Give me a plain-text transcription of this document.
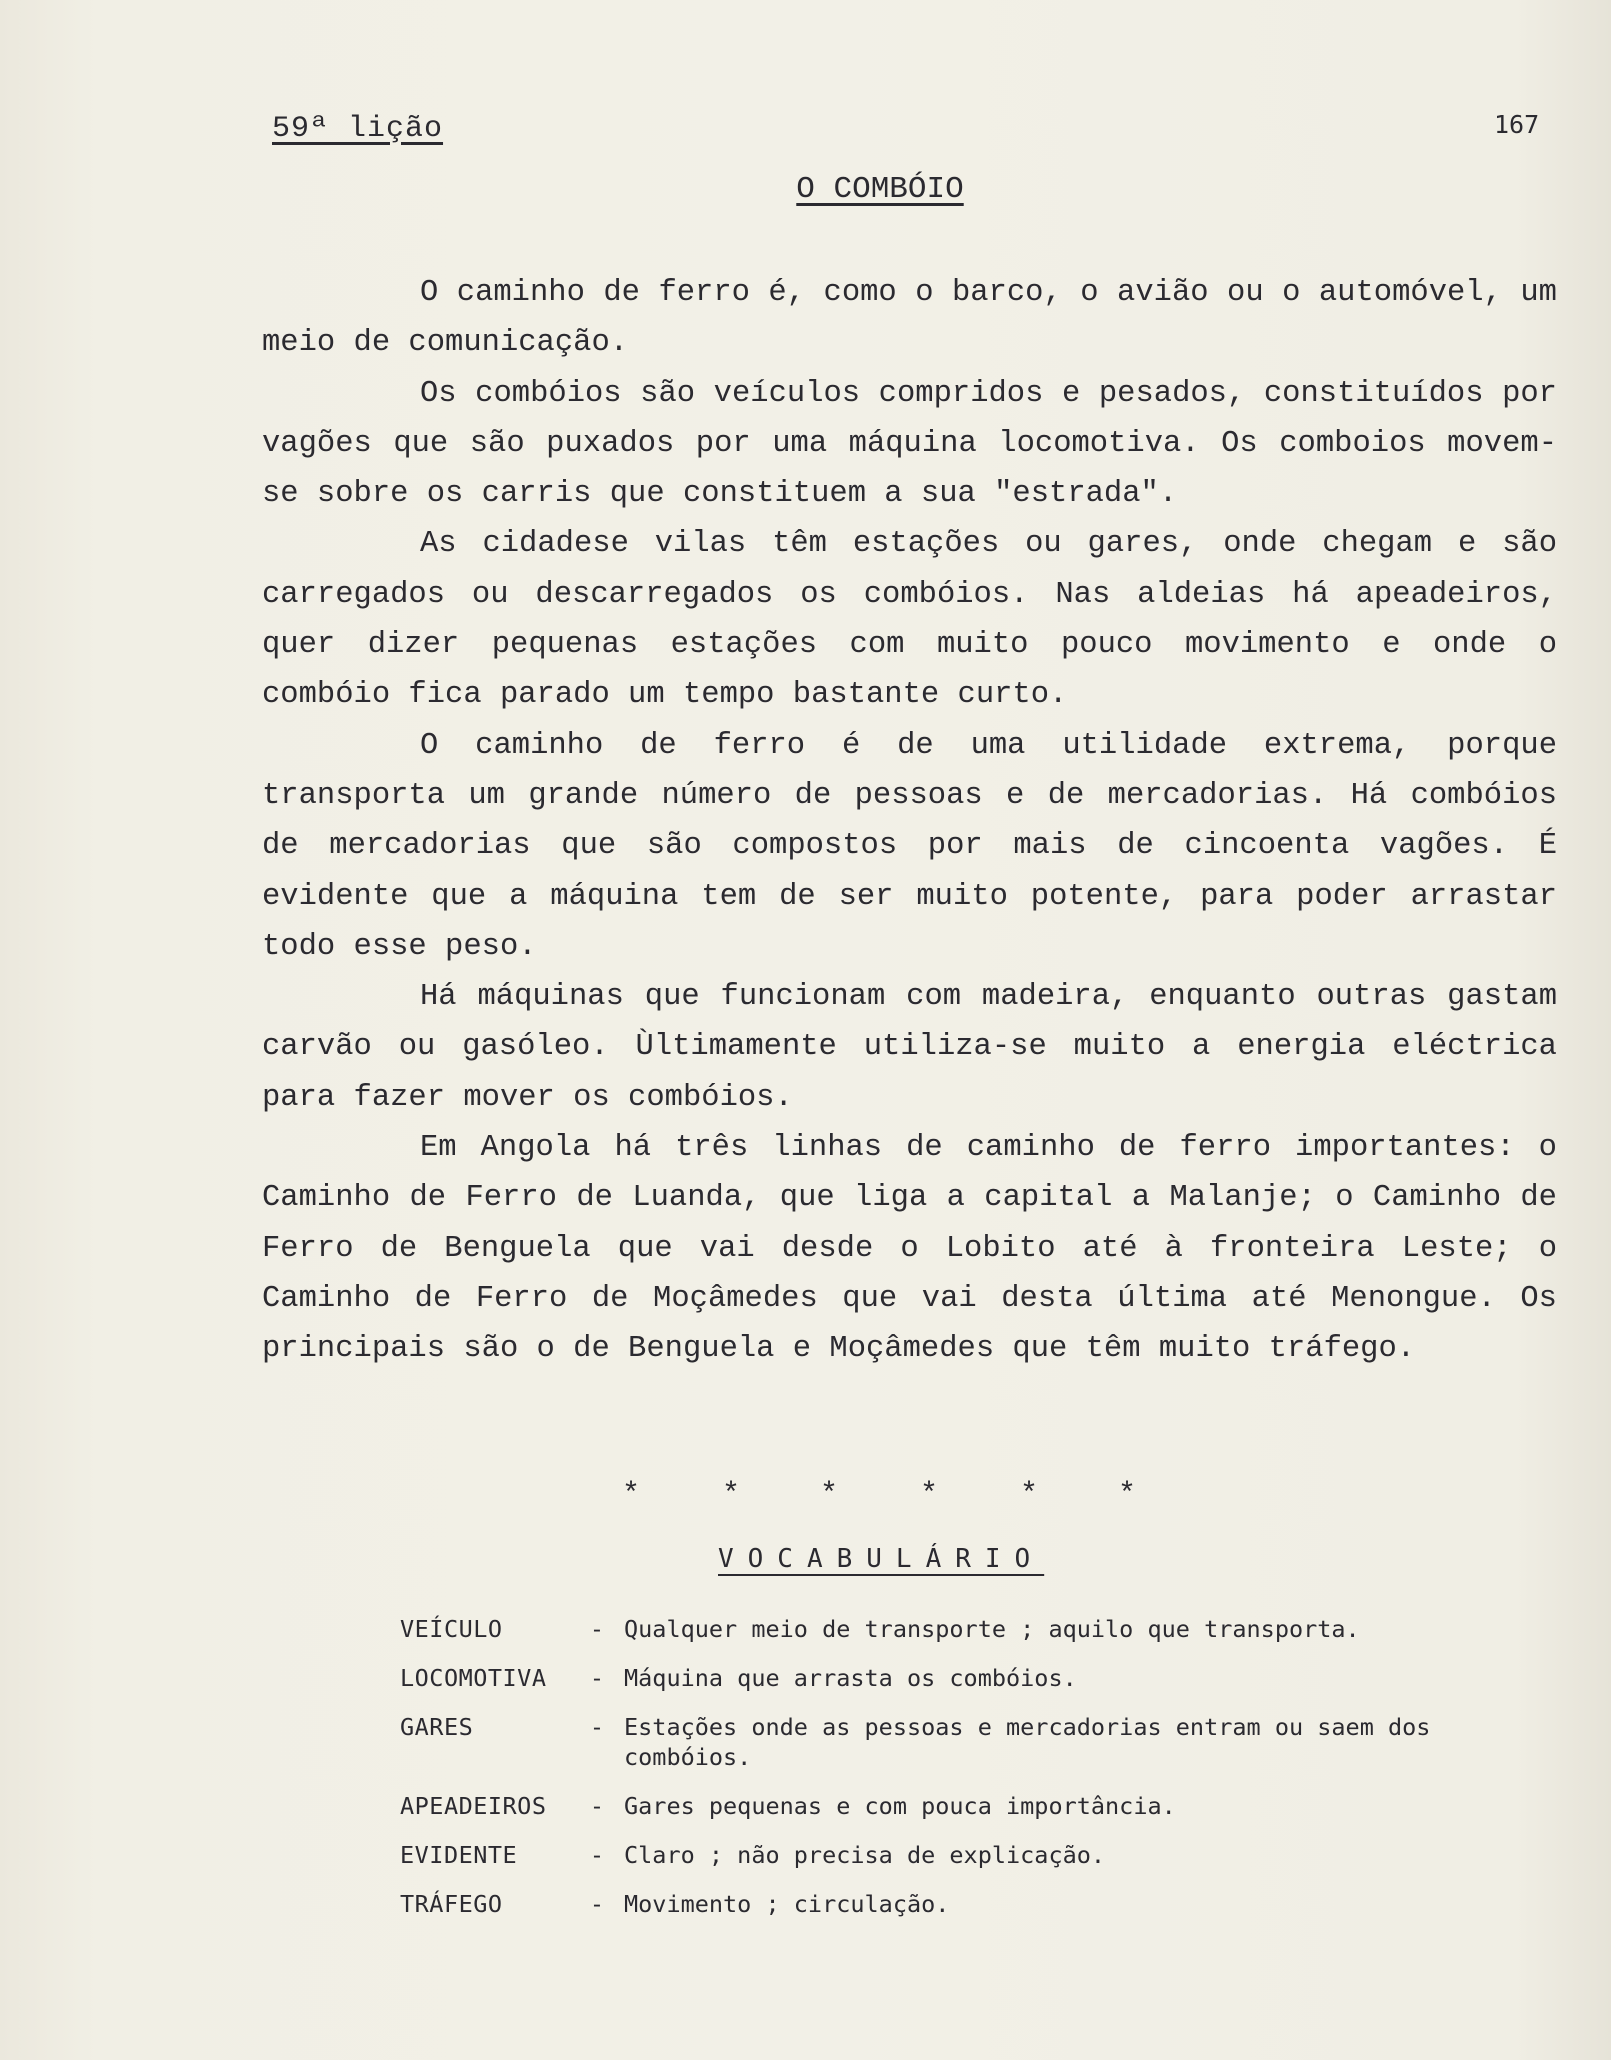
59ª lição	167
O COMBÓIO

O caminho de ferro é, como o barco, o avião ou o automóvel, um meio de comunicação.

Os combóios são veículos compridos e pesados, constituídos por vagões que são puxados por uma máquina locomotiva. Os comboios movem-se sobre os carris que constituem a sua "estrada".

As cidadese vilas têm estações ou gares, onde chegam e são carregados ou descarregados os combóios. Nas aldeias há apeadeiros, quer dizer pequenas estações com muito pouco movimento e onde o combóio fica parado um tempo bastante curto.

O caminho de ferro é de uma utilidade extrema, porque transporta um grande número de pessoas e de mercadorias. Há combóios de mercadorias que são compostos por mais de cincoenta vagões. É evidente que a máquina tem de ser muito potente, para poder arrastar todo esse peso.

Há máquinas que funcionam com madeira, enquanto outras gastam carvão ou gasóleo. Ùltimamente utiliza-se muito a energia eléctrica para fazer mover os combóios.

Em Angola há três linhas de caminho de ferro importantes: o Caminho de Ferro de Luanda, que liga a capital a Malanje; o Caminho de Ferro de Benguela que vai desde o Lobito até à fronteira Leste; o Caminho de Ferro de Moçâmedes que vai desta última até Menongue. Os principais são o de Benguela e Moçâmedes que têm muito tráfego.

*	*	*	*	*	*
VOCABULÁRIO
VEÍCULO	- Qualquer meio de transporte ; aquilo que transporta.
LOCOMOTIVA	- Máquina que arrasta os combóios.
GARES	- Estações onde as pessoas e mercadorias entram ou saem dos combóios.
APEADEIROS	- Gares pequenas e com pouca importância.
EVIDENTE	- Claro ; não precisa de explicação.
TRÁFEGO	- Movimento ; circulação.
